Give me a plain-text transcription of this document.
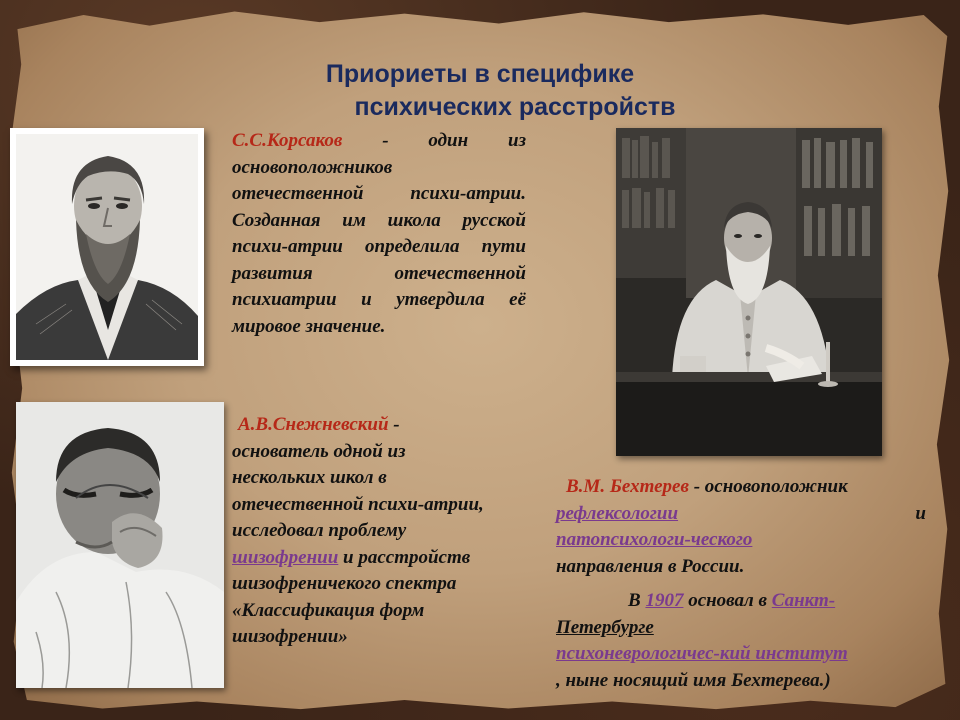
Приориеты в специфике
психических расстройств
С.С.Корсаков - один из основоположников отечественной психи-атрии. Созданная им школа русской психи-атрии определила пути развития отечественной психиатрии и утвердила её мировое значение.
А.В.Снежневский - основатель одной из нескольких школ в отечественной психи-атрии, исследовал проблему шизофрении и расстройств шизофреничекого спектра «Классификация форм шизофрении»
В.М. Бехтерев - основоположник
рефлексологии	и
патопсихологи-ческого
направления в России.
В 1907 основал в Санкт-
Петербурге
психоневрологичес-кий институт
, ныне носящий имя Бехтерева.)
